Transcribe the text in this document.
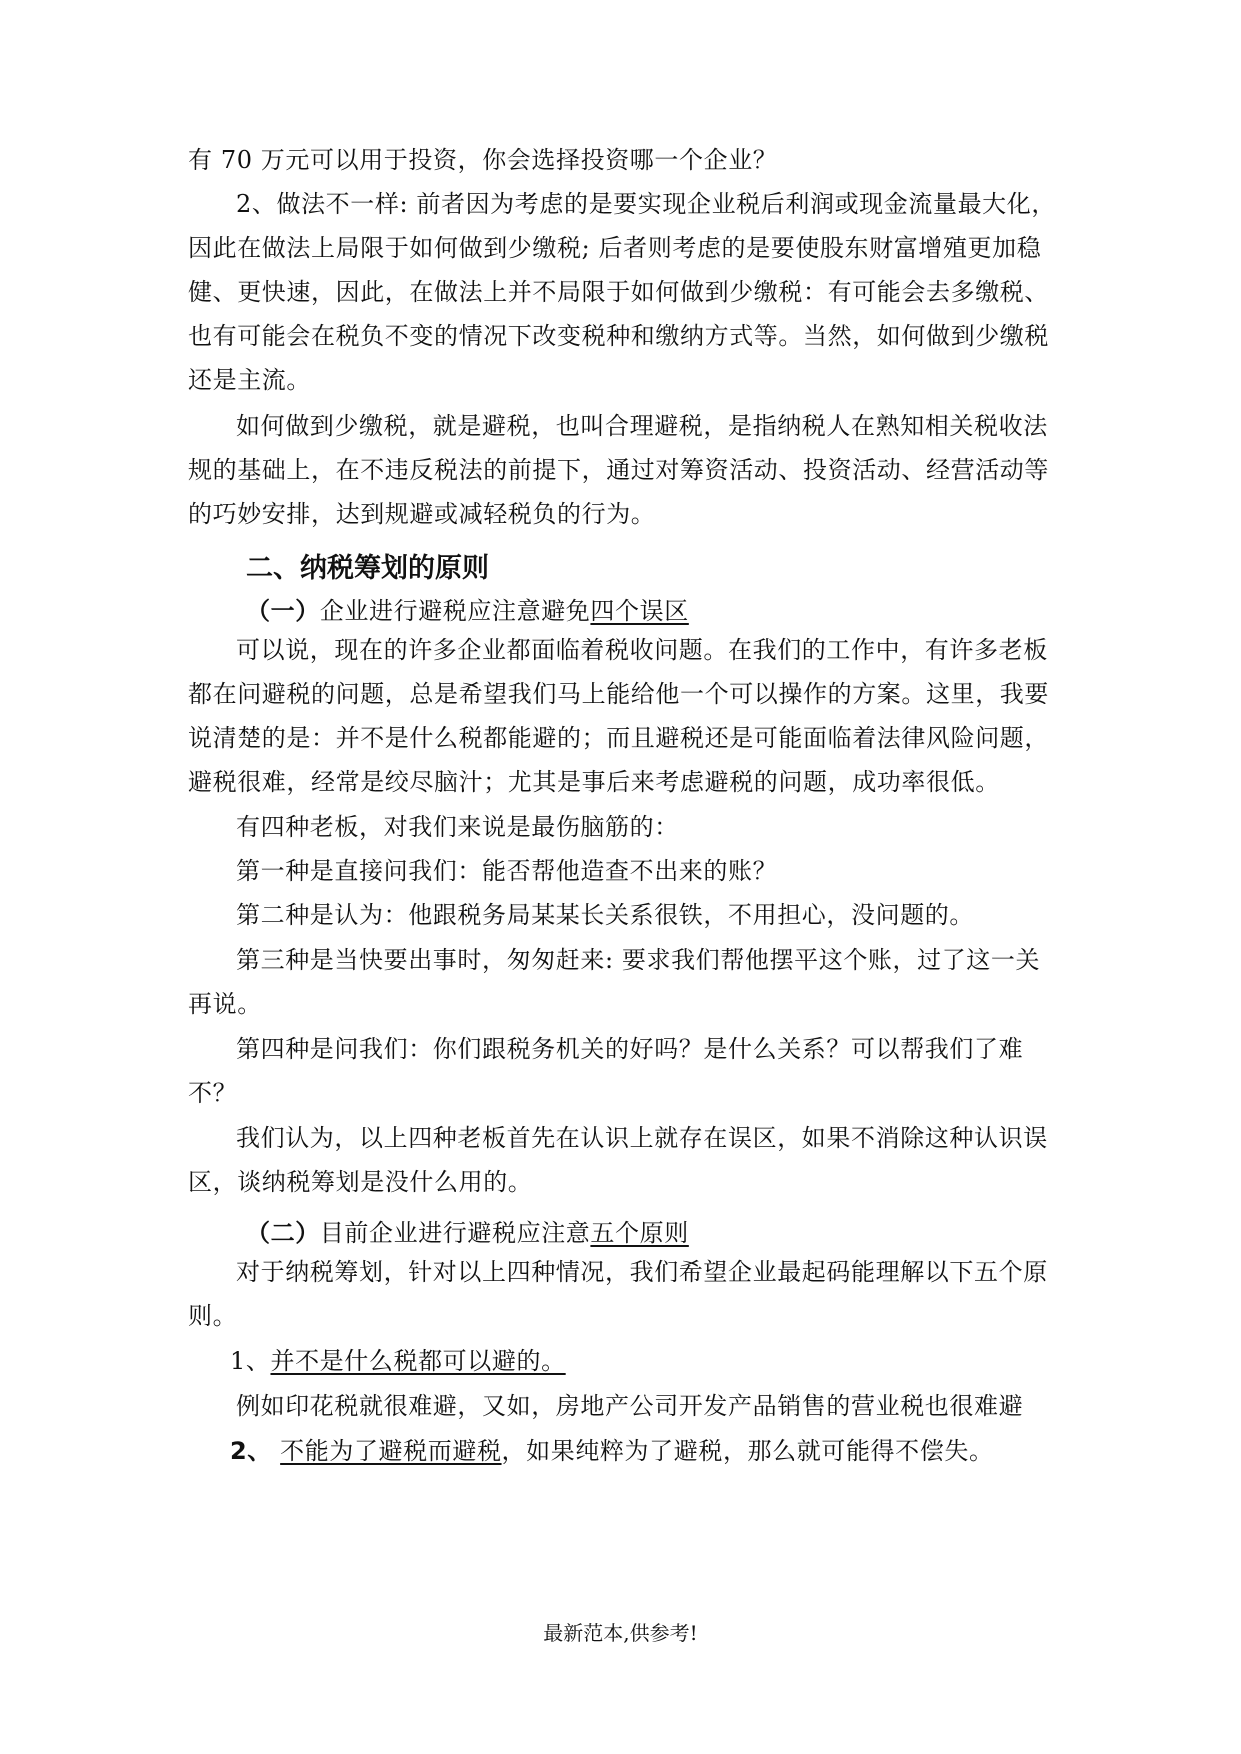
有 70 万元可以用于投资，你会选择投资哪一个企业？
2、做法不一样: 前者因为考虑的是要实现企业税后利润或现金流量最大化，
因此在做法上局限于如何做到少缴税; 后者则考虑的是要使股东财富增殖更加稳
健、更快速，因此，在做法上并不局限于如何做到少缴税：有可能会去多缴税、
也有可能会在税负不变的情况下改变税种和缴纳方式等。当然，如何做到少缴税
还是主流。
如何做到少缴税，就是避税，也叫合理避税，是指纳税人在熟知相关税收法
规的基础上，在不违反税法的前提下，通过对筹资活动、投资活动、经营活动等
的巧妙安排，达到规避或减轻税负的行为。
二、纳税筹划的原则
（一）企业进行避税应注意避免四个误区
可以说，现在的许多企业都面临着税收问题。在我们的工作中，有许多老板
都在问避税的问题，总是希望我们马上能给他一个可以操作的方案。这里，我要
说清楚的是：并不是什么税都能避的；而且避税还是可能面临着法律风险问题，
避税很难，经常是绞尽脑汁；尤其是事后来考虑避税的问题，成功率很低。
有四种老板，对我们来说是最伤脑筋的：
第一种是直接问我们：能否帮他造查不出来的账？
第二种是认为：他跟税务局某某长关系很铁，不用担心，没问题的。
第三种是当快要出事时，匆匆赶来: 要求我们帮他摆平这个账，过了这一关
再说。
第四种是问我们：你们跟税务机关的好吗？是什么关系？可以帮我们了难
不？
我们认为，以上四种老板首先在认识上就存在误区，如果不消除这种认识误
区，谈纳税筹划是没什么用的。
（二）目前企业进行避税应注意五个原则
对于纳税筹划，针对以上四种情况，我们希望企业最起码能理解以下五个原
则。
1、并不是什么税都可以避的。
例如印花税就很难避，又如，房地产公司开发产品销售的营业税也很难避
2、 不能为了避税而避税，如果纯粹为了避税，那么就可能得不偿失。
最新范本,供参考!
